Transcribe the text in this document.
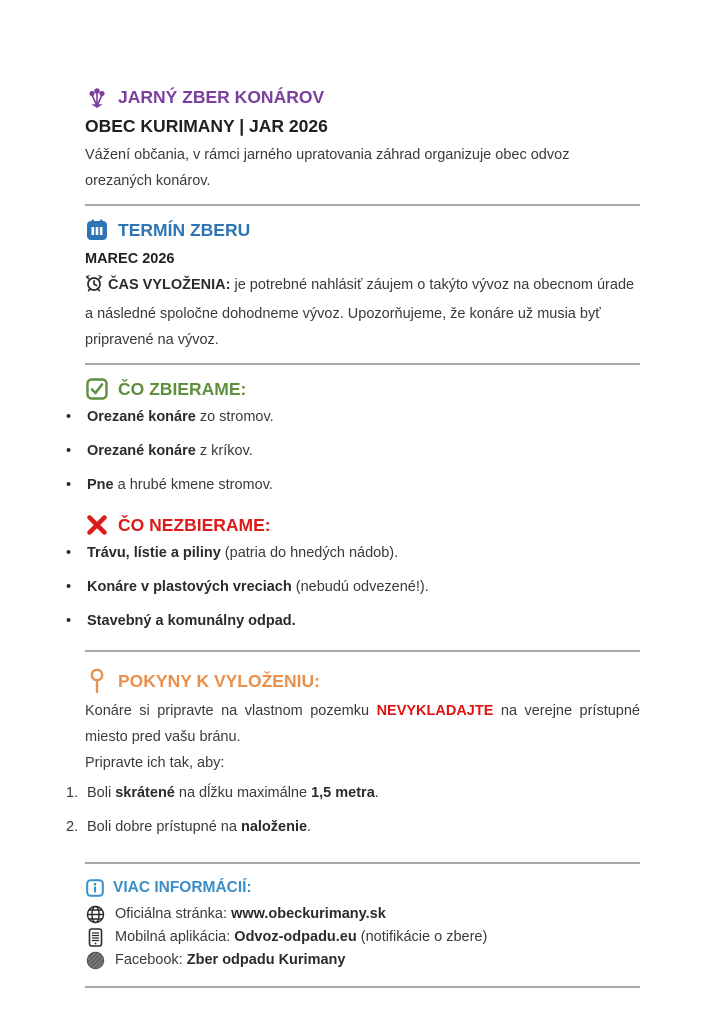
JARNÝ ZBER KONÁROV
OBEC KURIMANY | JAR 2026

Vážení občania, v rámci jarného upratovania záhrad organizuje obec odvoz orezaných konárov.

TERMÍN ZBERU

MAREC 2026

ČAS VYLOŽENIA: je potrebné nahlásiť záujem o takýto vývoz na obecnom úrade a následné spoločne dohodneme vývoz. Upozorňujeme, že konáre už musia byť pripravené na vývoz.

ČO ZBIERAME:
• Orezané konáre zo stromov.
• Orezané konáre z kríkov.
• Pne a hrubé kmene stromov.
ČO NEZBIERAME:
• Trávu, lístie a piliny (patria do hnedých nádob).
• Konáre v plastových vreciach (nebudú odvezené!).
• Stavebný a komunálny odpad.
POKYNY K VYLOŽENIU:

Konáre si pripravte na vlastnom pozemku NEVYKLADAJTE na verejne prístupné miesto pred vašu bránu.

Pripravte ich tak, aby:

1. Boli skrátené na dĺžku maximálne 1,5 metra.
2. Boli dobre prístupné na naloženie.
VIAC INFORMÁCIÍ:

Oficiálna stránka: www.obeckurimany.sk

Mobilná aplikácia: Odvoz-odpadu.eu (notifikácie o zbere)

Facebook: Zber odpadu Kurimany
